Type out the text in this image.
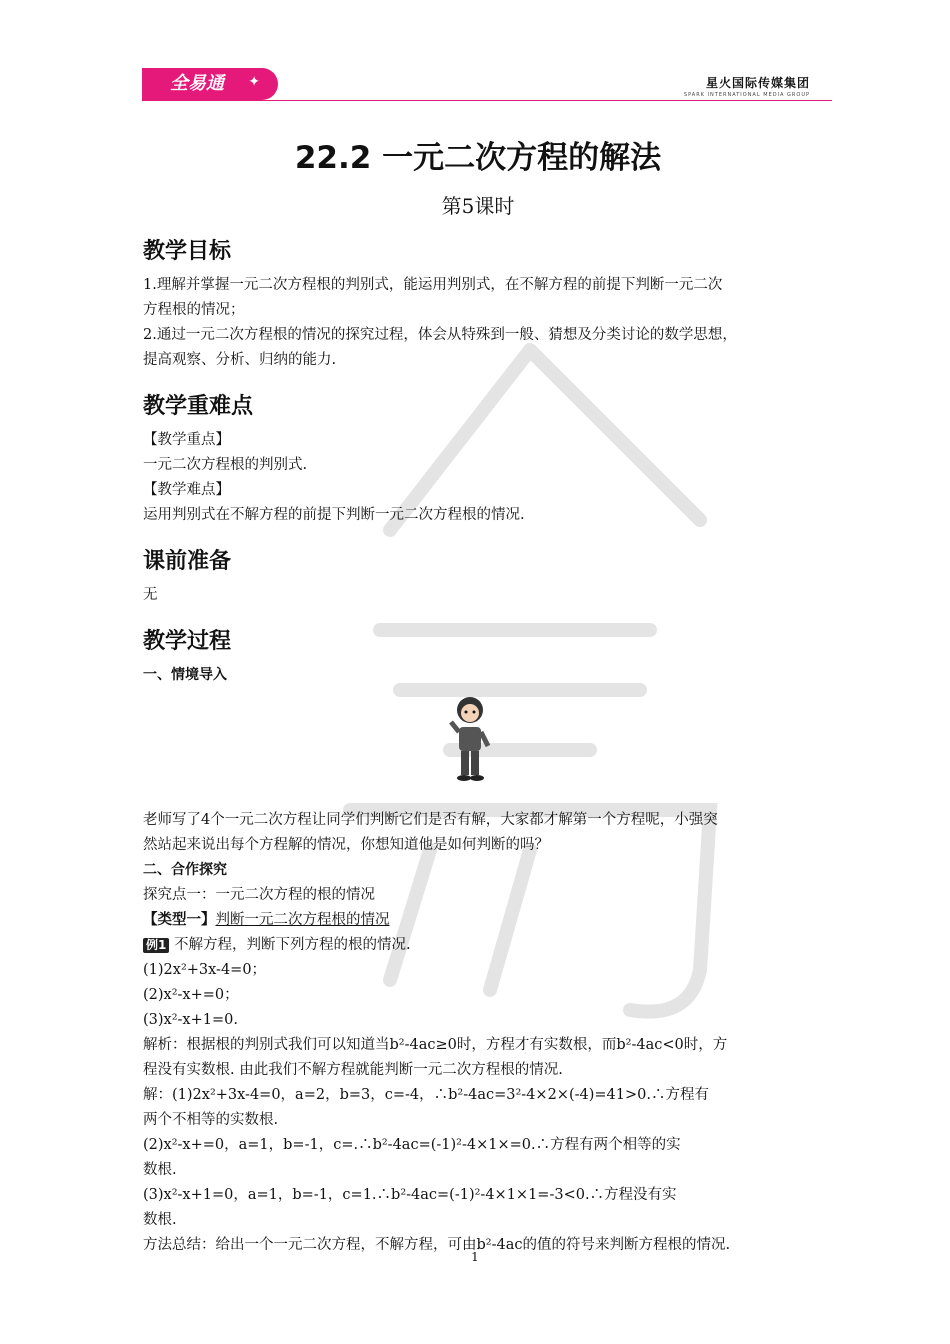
全易通 ✦	星火国际传媒集团
SPARK INTERNATIONAL MEDIA GROUP
22.2 一元二次方程的解法
第5课时
教学目标

1.理解并掌握一元二次方程根的判别式，能运用判别式，在不解方程的前提下判断一元二次

方程根的情况；

2.通过一元二次方程根的情况的探究过程，体会从特殊到一般、猜想及分类讨论的数学思想，

提高观察、分析、归纳的能力.

教学重难点

【教学重点】

一元二次方程根的判别式.

【教学难点】

运用判别式在不解方程的前提下判断一元二次方程根的情况.

课前准备

无

教学过程
一、情境导入

老师写了4个一元二次方程让同学们判断它们是否有解，大家都才解第一个方程呢，小强突

然站起来说出每个方程解的情况，你想知道他是如何判断的吗？

二、合作探究

探究点一：一元二次方程的根的情况

【类型一】判断一元二次方程根的情况

例1 不解方程，判断下列方程的根的情况.

(1)2x²+3x-4=0；

(2)x²-x+=0；

(3)x²-x+1=0.

解析：根据根的判别式我们可以知道当b²-4ac≥0时，方程才有实数根，而b²-4ac<0时，方

程没有实数根. 由此我们不解方程就能判断一元二次方程根的情况.

解：(1)2x²+3x-4=0，a=2，b=3，c=-4，∴b²-4ac=3²-4×2×(-4)=41>0.∴方程有

两个不相等的实数根.

(2)x²-x+=0，a=1，b=-1，c=.∴b²-4ac=(-1)²-4×1×=0.∴方程有两个相等的实

数根.

(3)x²-x+1=0，a=1，b=-1，c=1.∴b²-4ac=(-1)²-4×1×1=-3<0.∴方程没有实

数根.

方法总结：给出一个一元二次方程，不解方程，可由b²-4ac的值的符号来判断方程根的情况.

1
